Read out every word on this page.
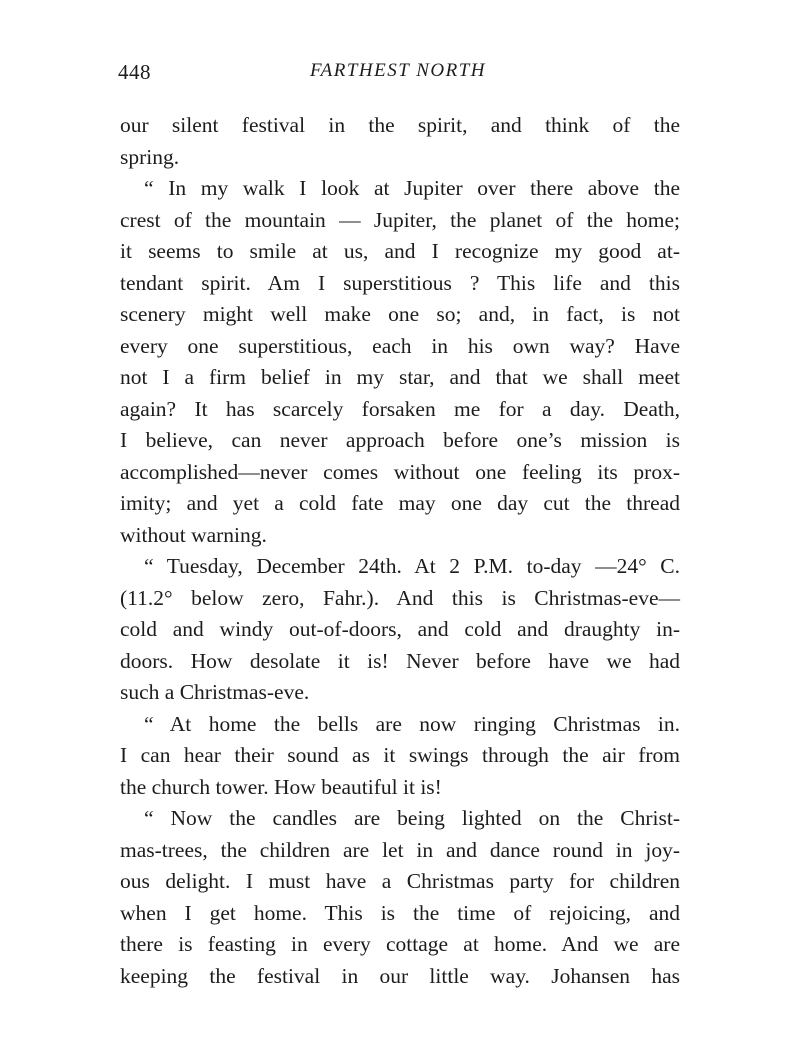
448	FARTHEST NORTH
our silent festival in the spirit, and think of the
spring.
“ In my walk I look at Jupiter over there above the
crest of the mountain — Jupiter, the planet of the home;
it seems to smile at us, and I recognize my good at-
tendant spirit. Am I superstitious ? This life and this
scenery might well make one so; and, in fact, is not
every one superstitious, each in his own way? Have
not I a firm belief in my star, and that we shall meet
again? It has scarcely forsaken me for a day. Death,
I believe, can never approach before one’s mission is
accomplished—never comes without one feeling its prox-
imity; and yet a cold fate may one day cut the thread
without warning.
“ Tuesday, December 24th. At 2 P.M. to-day —24° C.
(11.2° below zero, Fahr.). And this is Christmas-eve—
cold and windy out-of-doors, and cold and draughty in-
doors. How desolate it is! Never before have we had
such a Christmas-eve.
“ At home the bells are now ringing Christmas in.
I can hear their sound as it swings through the air from
the church tower. How beautiful it is!
“ Now the candles are being lighted on the Christ-
mas-trees, the children are let in and dance round in joy-
ous delight. I must have a Christmas party for children
when I get home. This is the time of rejoicing, and
there is feasting in every cottage at home. And we are
keeping the festival in our little way. Johansen has
